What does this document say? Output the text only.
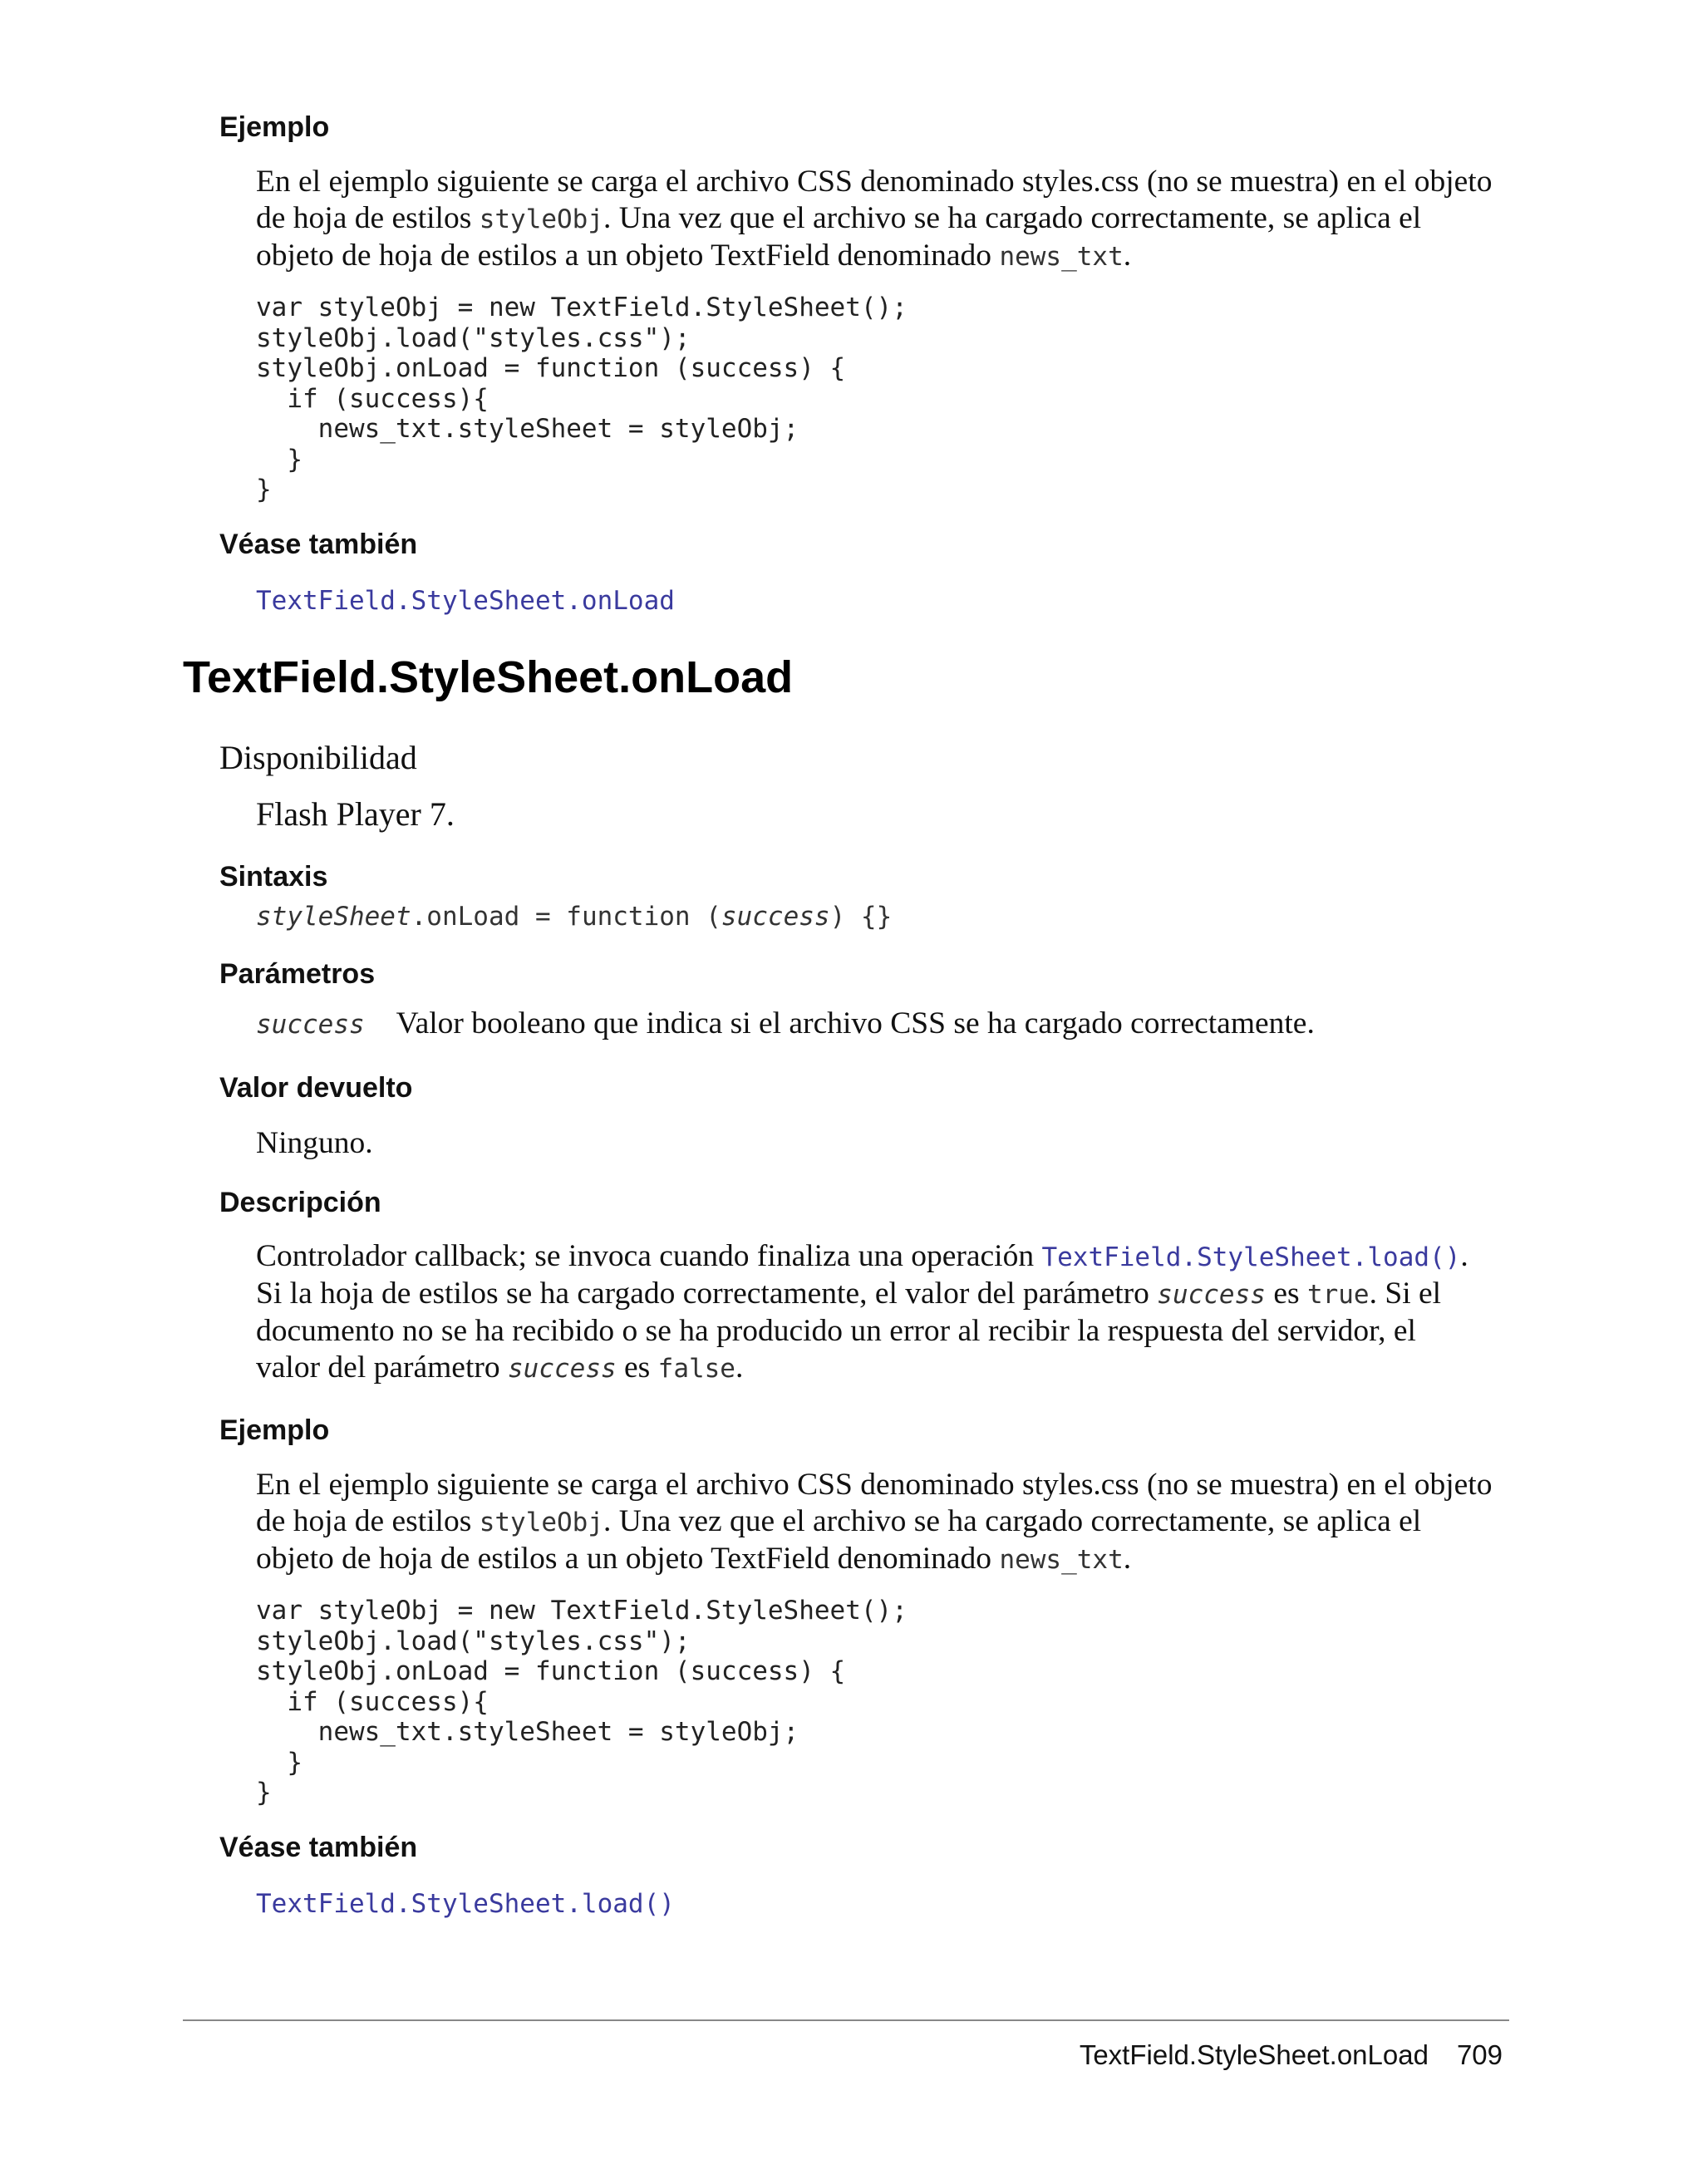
Ejemplo

En el ejemplo siguiente se carga el archivo CSS denominado styles.css (no se muestra) en el objeto
de hoja de estilos styleObj. Una vez que el archivo se ha cargado correctamente, se aplica el
objeto de hoja de estilos a un objeto TextField denominado news_txt.

var styleObj = new TextField.StyleSheet();
styleObj.load("styles.css");
styleObj.onLoad = function (success) {
if (success){
news_txt.styleSheet = styleObj;
}
}
Véase también
TextField.StyleSheet.onLoad
TextField.StyleSheet.onLoad

Disponibilidad

Flash Player 7.

Sintaxis
styleSheet.onLoad = function (success) {}
Parámetros
success Valor booleano que indica si el archivo CSS se ha cargado correctamente.
Valor devuelto

Ninguno.

Descripción

Controlador callback; se invoca cuando finaliza una operación TextField.StyleSheet.load().
Si la hoja de estilos se ha cargado correctamente, el valor del parámetro success es true. Si el
documento no se ha recibido o se ha producido un error al recibir la respuesta del servidor, el
valor del parámetro success es false.

Ejemplo

En el ejemplo siguiente se carga el archivo CSS denominado styles.css (no se muestra) en el objeto
de hoja de estilos styleObj. Una vez que el archivo se ha cargado correctamente, se aplica el
objeto de hoja de estilos a un objeto TextField denominado news_txt.

var styleObj = new TextField.StyleSheet();
styleObj.load("styles.css");
styleObj.onLoad = function (success) {
if (success){
news_txt.styleSheet = styleObj;
}
}
Véase también
TextField.StyleSheet.load()
TextField.StyleSheet.onLoad 709
